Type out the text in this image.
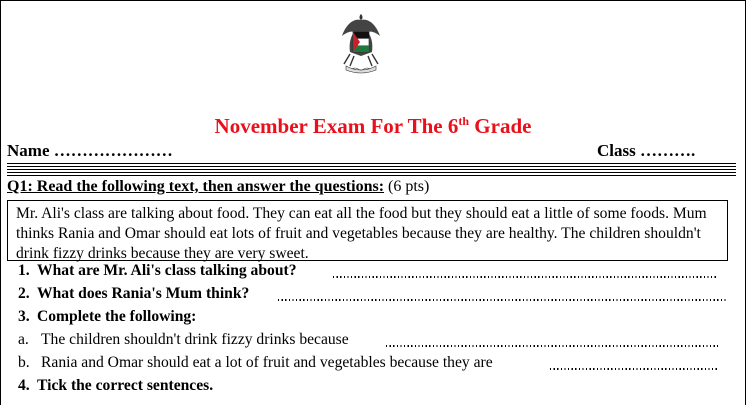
November Exam For The 6th Grade
Name …………………	Class ……….
Q1: Read the following text, then answer the questions: (6 pts)
Mr. Ali's class are talking about food. They can eat all the food but they should eat a little of some foods. Mum thinks Rania and Omar should eat lots of fruit and vegetables because they are healthy. The children shouldn't drink fizzy drinks because they are very sweet.
1. What are Mr. Ali's class talking about?
2. What does Rania's Mum think?
3. Complete the following:
a. The children shouldn't drink fizzy drinks because
b. Rania and Omar should eat a lot of fruit and vegetables because they are
4. Tick the correct sentences.
